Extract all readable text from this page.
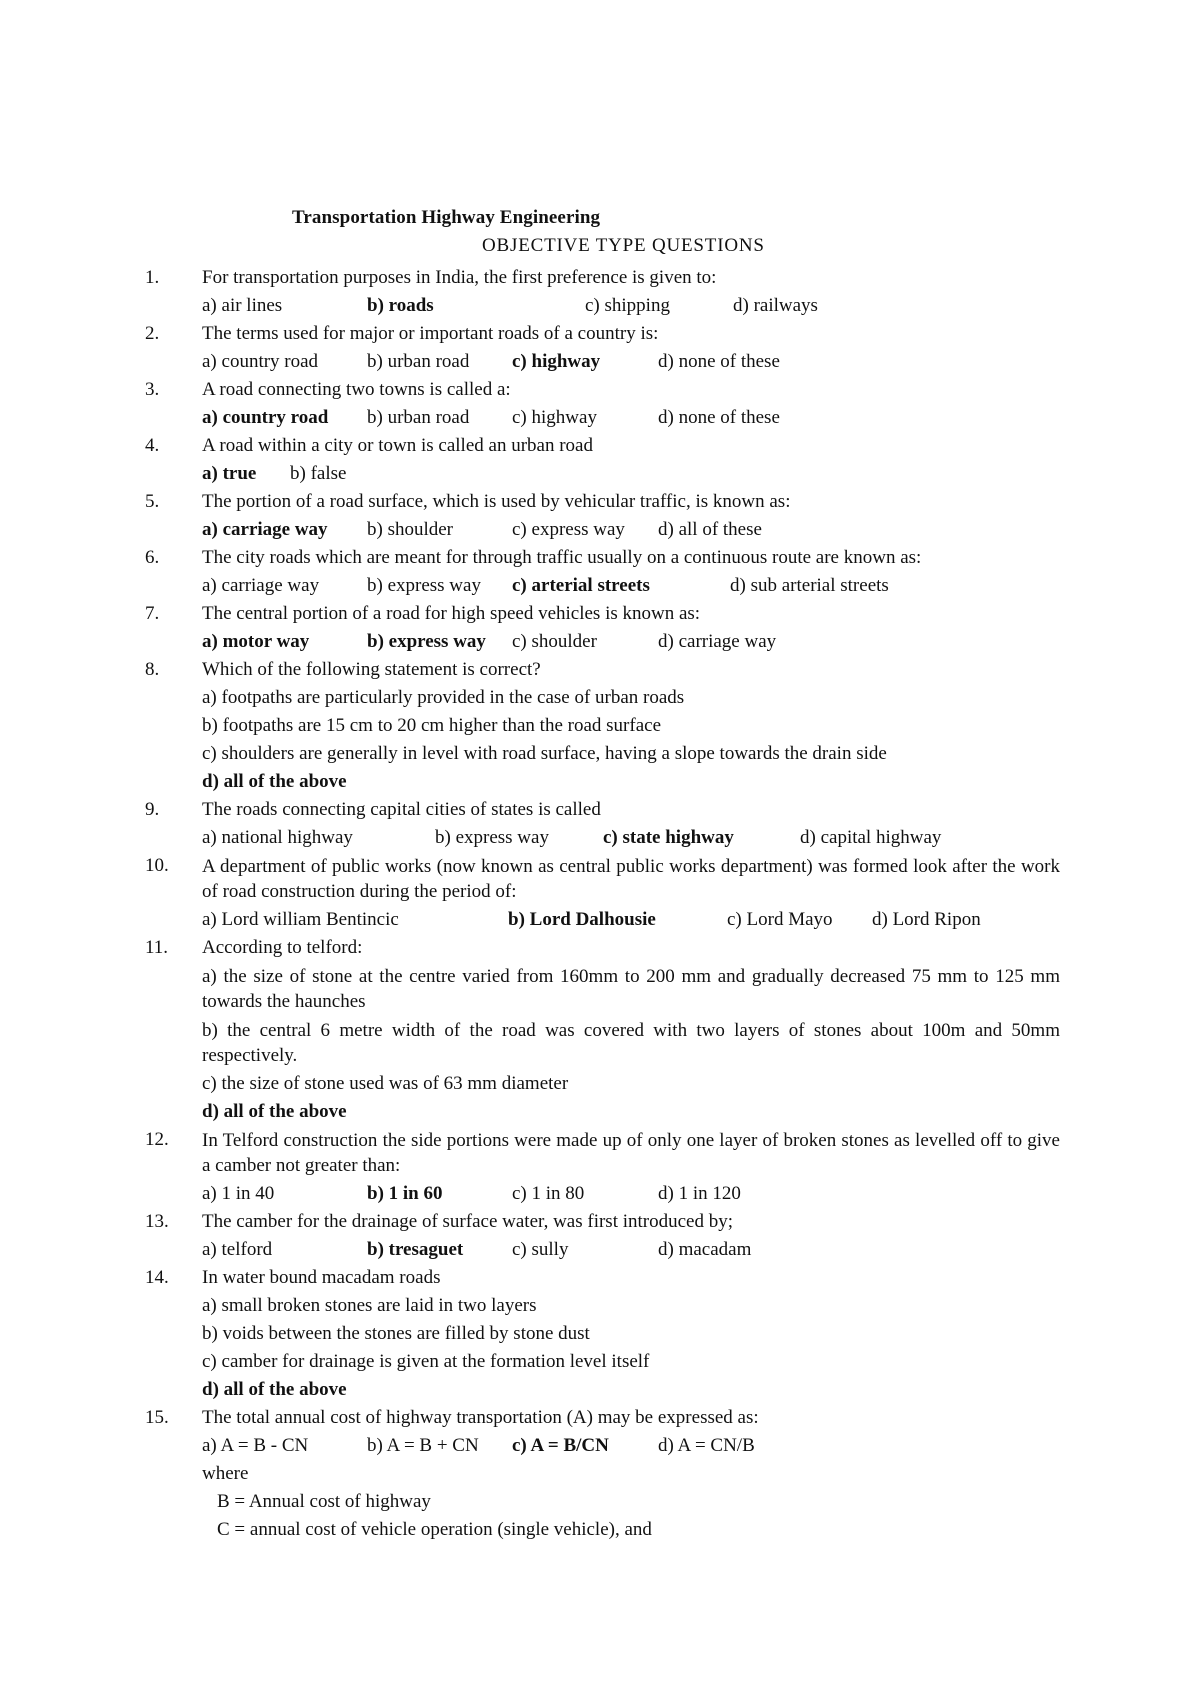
Transportation Highway Engineering
OBJECTIVE TYPE QUESTIONS
1. For transportation purposes in India, the first preference is given to:
a) air lines	b) roads	c) shipping	d) railways
2. The terms used for major or important roads of a country is:
a) country road	b) urban road	c) highway	d) none of these
3. A road connecting two towns is called a:
a) country road	b) urban road	c) highway	d) none of these
4. A road within a city or town is called an urban road
a) true	b) false
5. The portion of a road surface, which is used by vehicular traffic, is known as:
a) carriage way	b) shoulder	c) express way	d) all of these
6. The city roads which are meant for through traffic usually on a continuous route are known as:
a) carriage way	b) express way	c) arterial streets	d) sub arterial streets
7. The central portion of a road for high speed vehicles is known as:
a) motor way	b) express way	c) shoulder	d) carriage way
8. Which of the following statement is correct?
a) footpaths are particularly provided in the case of urban roads
b) footpaths are 15 cm to 20 cm higher than the road surface
c) shoulders are generally in level with road surface, having a slope towards the drain side
d) all of the above
9. The roads connecting capital cities of states is called
a) national highway	b) express way	c) state highway	d) capital highway
10. A department of public works (now known as central public works department) was formed look after the work of road construction during the period of:
a) Lord william Bentincic	b) Lord Dalhousie	c) Lord Mayo	d) Lord Ripon
11. According to telford:
a) the size of stone at the centre varied from 160mm to 200 mm and gradually decreased 75 mm to 125 mm towards the haunches
b) the central 6 metre width of the road was covered with two layers of stones about 100m and 50mm respectively.
c) the size of stone used was of 63 mm diameter
d) all of the above
12. In Telford construction the side portions were made up of only one layer of broken stones as levelled off to give a camber not greater than:
a) 1 in 40	b) 1 in 60	c) 1 in 80	d) 1 in 120
13. The camber for the drainage of surface water, was first introduced by;
a) telford	b) tresaguet	c) sully	d) macadam
14. In water bound macadam roads
a) small broken stones are laid in two layers
b) voids between the stones are filled by stone dust
c) camber for drainage is given at the formation level itself
d) all of the above
15. The total annual cost of highway transportation (A) may be expressed as:
a) A = B - CN	b) A = B + CN	c) A = B/CN	d) A = CN/B
where
B = Annual cost of highway
C = annual cost of vehicle operation (single vehicle), and
